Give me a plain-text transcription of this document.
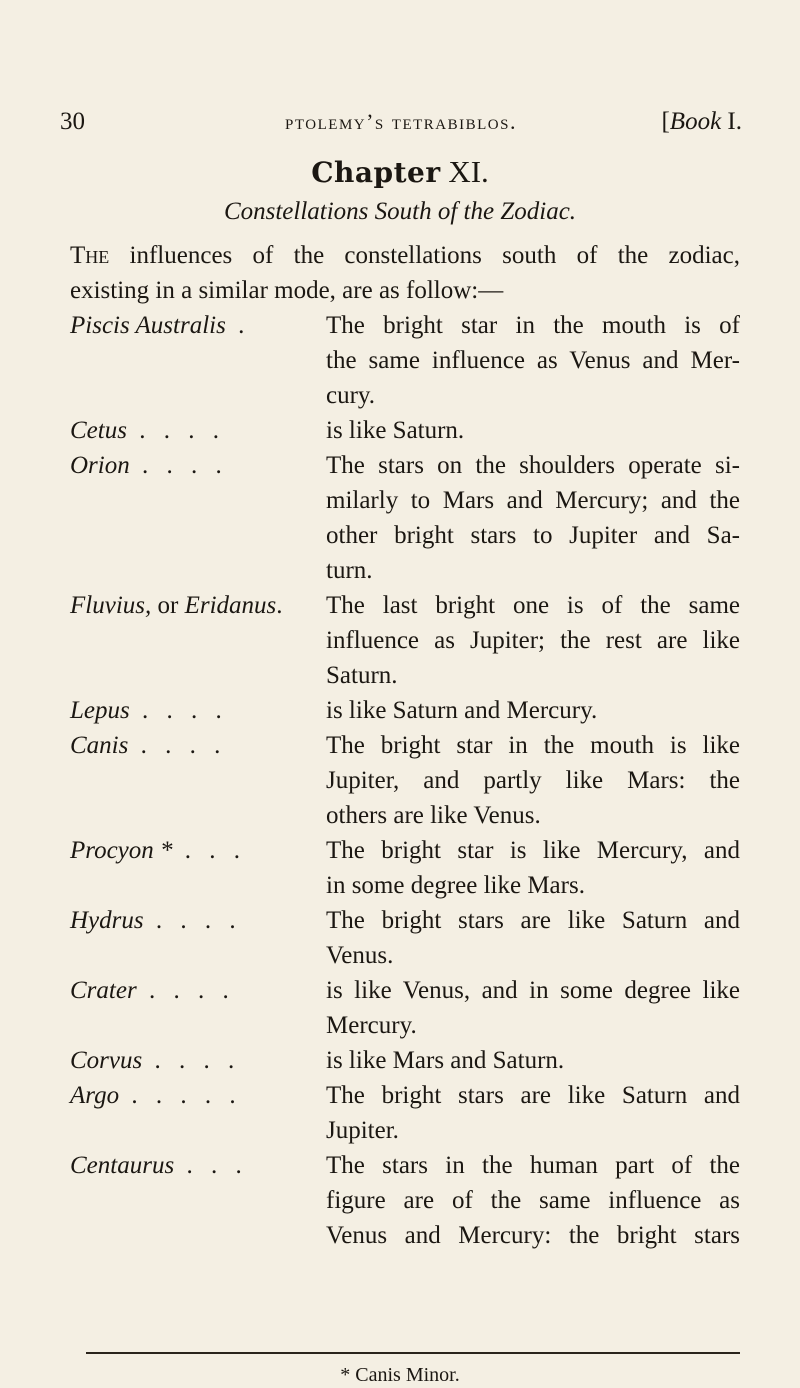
30	ptolemy’s tetrabiblos.	[Book I.
Chapter XI.
Constellations South of the Zodiac.
The influences of the constellations south of the zodiac,
existing in a similar mode, are as follow:—
Piscis Australis .	The bright star in the mouth is of
the same influence as Venus and Mer-
cury.
Cetus . . . .	is like Saturn.
Orion . . . .	The stars on the shoulders operate si-
milarly to Mars and Mercury; and the
other bright stars to Jupiter and Sa-
turn.
Fluvius, or Eridanus.	The last bright one is of the same
influence as Jupiter; the rest are like
Saturn.
Lepus . . . .	is like Saturn and Mercury.
Canis . . . .	The bright star in the mouth is like
Jupiter, and partly like Mars: the
others are like Venus.
Procyon * . . .	The bright star is like Mercury, and
in some degree like Mars.
Hydrus . . . .	The bright stars are like Saturn and
Venus.
Crater . . . .	is like Venus, and in some degree like
Mercury.
Corvus . . . .	is like Mars and Saturn.
Argo . . . . .	The bright stars are like Saturn and
Jupiter.
Centaurus . . .	The stars in the human part of the
figure are of the same influence as
Venus and Mercury: the bright stars
* Canis Minor.
